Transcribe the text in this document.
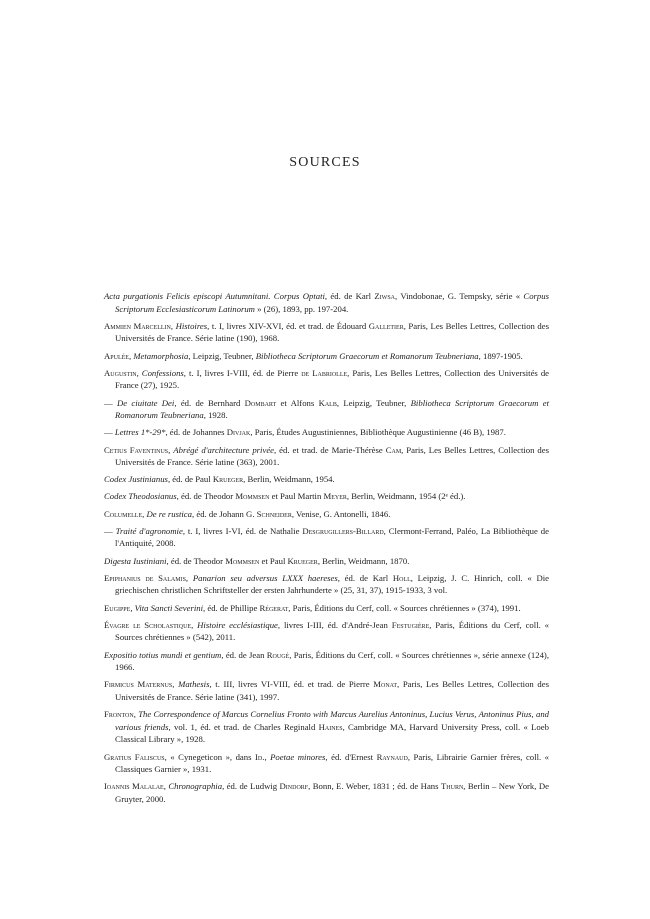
SOURCES

Acta purgationis Felicis episcopi Autumnitani. Corpus Optati, éd. de Karl Ziwsa, Vindobonae, G. Tempsky, série « Corpus Scriptorum Ecclesiasticorum Latinorum » (26), 1893, pp. 197-204.

Ammien Marcellin, Histoires, t. I, livres XIV-XVI, éd. et trad. de Édouard Galletier, Paris, Les Belles Lettres, Collection des Universités de France. Série latine (190), 1968.

Apulée, Metamorphosia, Leipzig, Teubner, Bibliotheca Scriptorum Graecorum et Romanorum Teubneriana, 1897-1905.

Augustin, Confessions, t. I, livres I-VIII, éd. de Pierre de Labriolle, Paris, Les Belles Lettres, Collection des Universités de France (27), 1925.

— De ciuitate Dei, éd. de Bernhard Dombart et Alfons Kalb, Leipzig, Teubner, Bibliotheca Scriptorum Graecorum et Romanorum Teubneriana, 1928.

— Lettres 1*-29*, éd. de Johannes Divjak, Paris, Études Augustiniennes, Bibliothèque Augustinienne (46 B), 1987.

Cetius Faventinus, Abrégé d'architecture privée, éd. et trad. de Marie-Thérèse Cam, Paris, Les Belles Lettres, Collection des Universités de France. Série latine (363), 2001.

Codex Justinianus, éd. de Paul Krueger, Berlin, Weidmann, 1954.

Codex Theodosianus, éd. de Theodor Mommsen et Paul Martin Meyer, Berlin, Weidmann, 1954 (2ᵉ éd.).

Columelle, De re rustica, éd. de Johann G. Schneider, Venise, G. Antonelli, 1846.

— Traité d'agronomie, t. I, livres I-VI, éd. de Nathalie Desgrugillers-Billard, Clermont-Ferrand, Paléo, La Bibliothèque de l'Antiquité, 2008.

Digesta Iustiniani, éd. de Theodor Mommsen et Paul Krueger, Berlin, Weidmann, 1870.

Epiphanius de Salamis, Panarion seu adversus LXXX haereses, éd. de Karl Holl, Leipzig, J. C. Hinrich, coll. « Die griechischen christlichen Schriftsteller der ersten Jahrhunderte » (25, 31, 37), 1915-1933, 3 vol.

Eugippe, Vita Sancti Severini, éd. de Phillipe Régerat, Paris, Éditions du Cerf, coll. « Sources chrétiennes » (374), 1991.

Évagre le Scholastique, Histoire ecclésiastique, livres I-III, éd. d'André-Jean Festugière, Paris, Éditions du Cerf, coll. « Sources chrétiennes » (542), 2011.

Expositio totius mundi et gentium, éd. de Jean Rougé, Paris, Éditions du Cerf, coll. « Sources chrétiennes », série annexe (124), 1966.

Firmicus Maternus, Mathesis, t. III, livres VI-VIII, éd. et trad. de Pierre Monat, Paris, Les Belles Lettres, Collection des Universités de France. Série latine (341), 1997.

Fronton, The Correspondence of Marcus Cornelius Fronto with Marcus Aurelius Antoninus, Lucius Verus, Antoninus Pius, and various friends, vol. 1, éd. et trad. de Charles Reginald Haines, Cambridge MA, Harvard University Press, coll. « Loeb Classical Library », 1928.

Gratius Faliscus, « Cynegeticon », dans Id., Poetae minores, éd. d'Ernest Raynaud, Paris, Librairie Garnier frères, coll. « Classiques Garnier », 1931.

Ioannis Malalae, Chronographia, éd. de Ludwig Dindorf, Bonn, E. Weber, 1831 ; éd. de Hans Thurn, Berlin – New York, De Gruyter, 2000.
